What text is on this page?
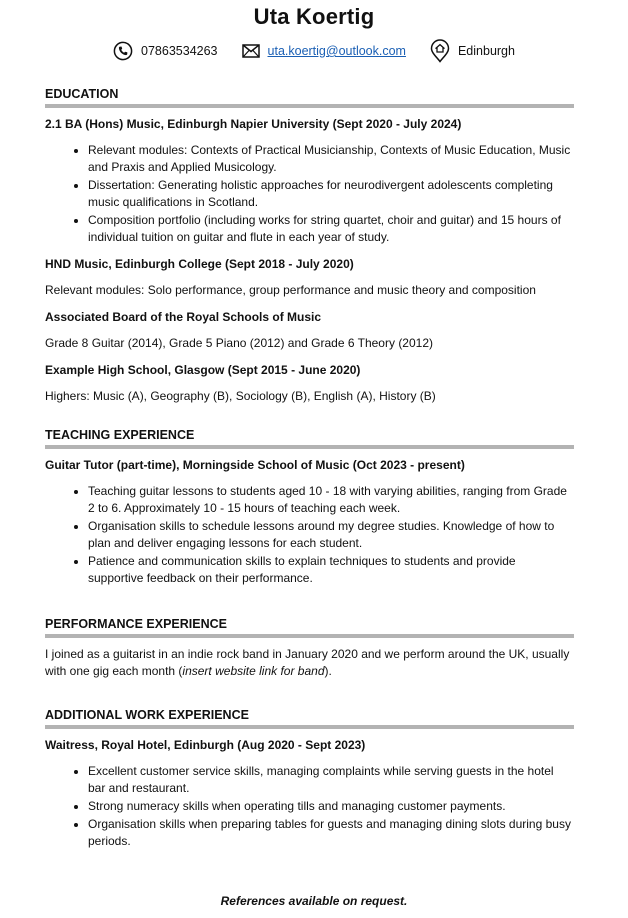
Uta Koertig
07863534263	uta.koertig@outlook.com	Edinburgh
EDUCATION
2.1 BA (Hons) Music, Edinburgh Napier University (Sept 2020 - July 2024)
• Relevant modules: Contexts of Practical Musicianship, Contexts of Music Education, Music and Praxis and Applied Musicology.
• Dissertation: Generating holistic approaches for neurodivergent adolescents completing music qualifications in Scotland.
• Composition portfolio (including works for string quartet, choir and guitar) and 15 hours of individual tuition on guitar and flute in each year of study.
HND Music, Edinburgh College (Sept 2018 - July 2020)
Relevant modules: Solo performance, group performance and music theory and composition
Associated Board of the Royal Schools of Music
Grade 8 Guitar (2014), Grade 5 Piano (2012) and Grade 6 Theory (2012)
Example High School, Glasgow (Sept 2015 - June 2020)
Highers: Music (A), Geography (B), Sociology (B), English (A), History (B)
TEACHING EXPERIENCE
Guitar Tutor (part-time), Morningside School of Music (Oct 2023 - present)
• Teaching guitar lessons to students aged 10 - 18 with varying abilities, ranging from Grade 2 to 6. Approximately 10 - 15 hours of teaching each week.
• Organisation skills to schedule lessons around my degree studies. Knowledge of how to plan and deliver engaging lessons for each student.
• Patience and communication skills to explain techniques to students and provide supportive feedback on their performance.
PERFORMANCE EXPERIENCE
I joined as a guitarist in an indie rock band in January 2020 and we perform around the UK, usually with one gig each month (insert website link for band).
ADDITIONAL WORK EXPERIENCE
Waitress, Royal Hotel, Edinburgh (Aug 2020 - Sept 2023)
• Excellent customer service skills, managing complaints while serving guests in the hotel bar and restaurant.
• Strong numeracy skills when operating tills and managing customer payments.
• Organisation skills when preparing tables for guests and managing dining slots during busy periods.
References available on request.
